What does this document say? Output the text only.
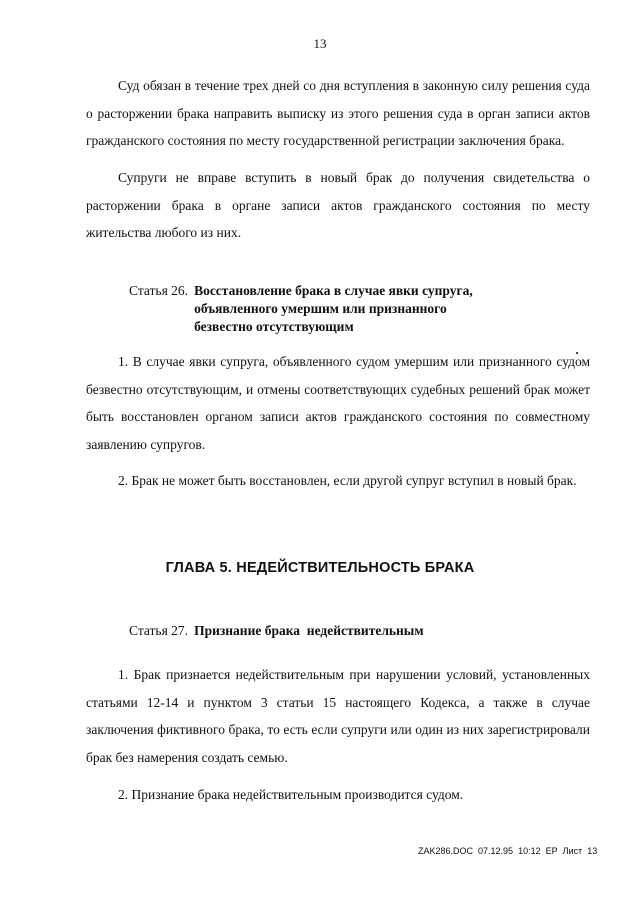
13

Суд обязан в течение трех дней со дня вступления в законную силу решения суда о расторжении брака направить выписку из этого решения суда в орган записи актов гражданского состояния по месту государственной регистрации заключения брака.

Супруги не вправе вступить в новый брак до получения свидетельства о расторжении брака в органе записи актов гражданского состояния по месту жительства любого из них.

Статья 26. Восстановление брака в случае явки супруга,
объявленного умершим или признанного
безвестно отсутствующим

1. В случае явки супруга, объявленного судом умершим или признанного судом безвестно отсутствующим, и отмены соответствующих судебных решений брак может быть восстановлен органом записи актов гражданского состояния по совместному заявлению супругов.

2. Брак не может быть восстановлен, если другой супруг вступил в новый брак.

ГЛАВА 5. НЕДЕЙСТВИТЕЛЬНОСТЬ БРАКА
Статья 27. Признание брака  недействительным

1. Брак признается недействительным при нарушении условий, установленных статьями 12-14 и пунктом 3 статьи 15 настоящего Кодекса, а также в случае заключения фиктивного брака, то есть если супруги или один из них зарегистрировали брак без намерения создать семью.

2. Признание брака недействительным производится судом.

ZAK286.DOC 07.12.95 10:12 EP Лист 13
